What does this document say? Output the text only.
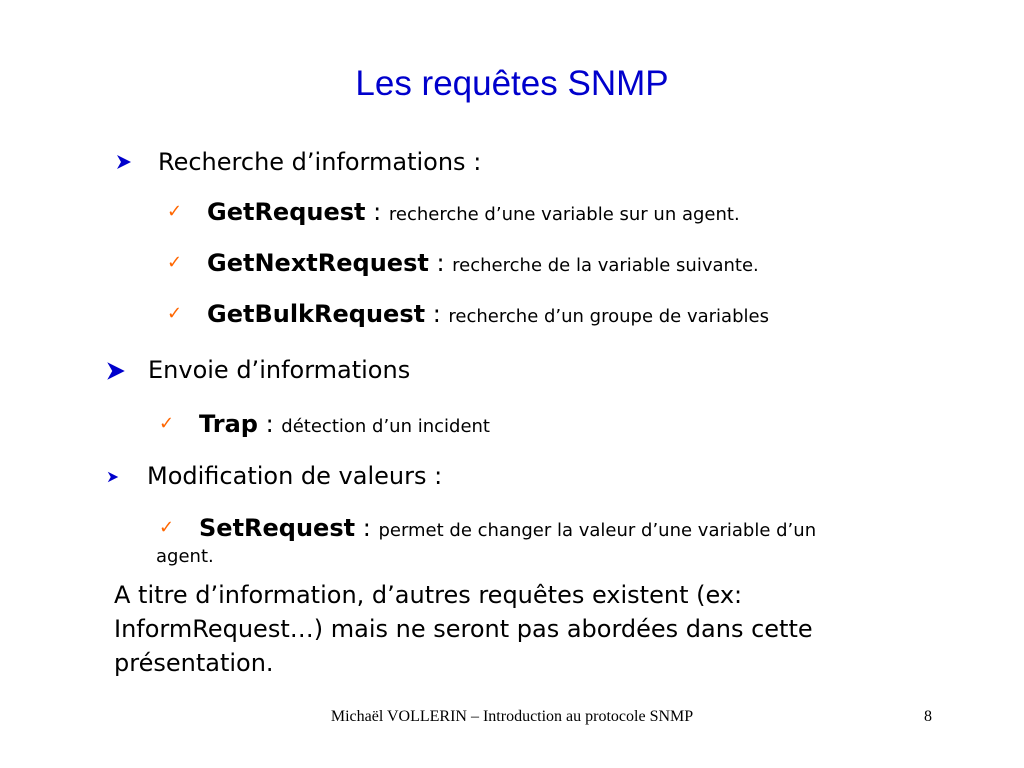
Les requêtes SNMP
Recherche d’informations :
✓ GetRequest : recherche d’une variable sur un agent.
✓ GetNextRequest : recherche de la variable suivante.
✓ GetBulkRequest : recherche d’un groupe de variables
Envoie d’informations
✓ Trap : détection d’un incident
Modification de valeurs :
✓ SetRequest : permet de changer la valeur d’une variable d’un
agent.
A titre d’information, d’autres requêtes existent (ex: InformRequest…) mais ne seront pas abordées dans cette présentation.
Michaël VOLLERIN – Introduction au protocole SNMP	8
